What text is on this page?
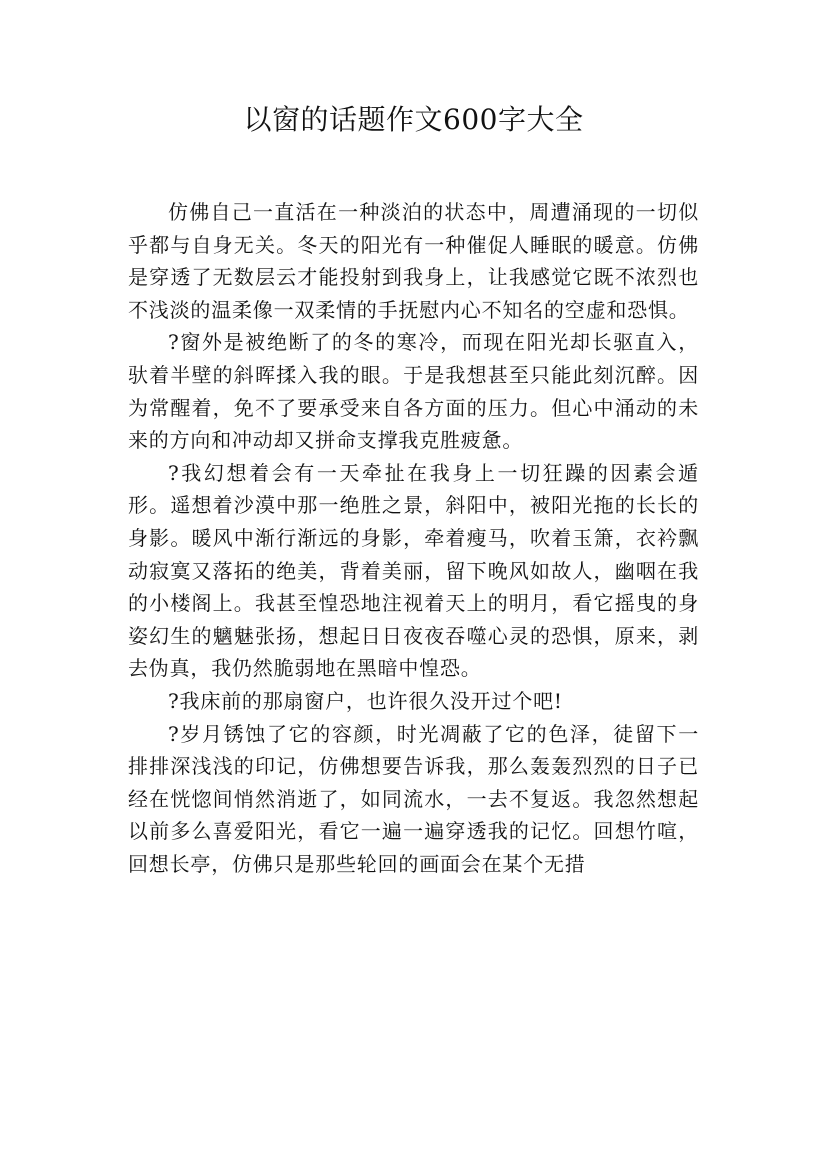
以窗的话题作文600字大全

仿佛自己一直活在一种淡泊的状态中，周遭涌现的一切似乎都与自身无关。冬天的阳光有一种催促人睡眠的暖意。仿佛是穿透了无数层云才能投射到我身上，让我感觉它既不浓烈也不浅淡的温柔像一双柔情的手抚慰内心不知名的空虚和恐惧。

?窗外是被绝断了的冬的寒冷，而现在阳光却长驱直入，驮着半壁的斜晖揉入我的眼。于是我想甚至只能此刻沉醉。因为常醒着，免不了要承受来自各方面的压力。但心中涌动的未来的方向和冲动却又拼命支撑我克胜疲惫。

?我幻想着会有一天牵扯在我身上一切狂躁的因素会遁形。遥想着沙漠中那一绝胜之景，斜阳中，被阳光拖的长长的身影。暖风中渐行渐远的身影，牵着瘦马，吹着玉箫，衣衿飘动寂寞又落拓的绝美，背着美丽，留下晚风如故人，幽咽在我的小楼阁上。我甚至惶恐地注视着天上的明月，看它摇曳的身姿幻生的魑魅张扬，想起日日夜夜吞噬心灵的恐惧，原来，剥去伪真，我仍然脆弱地在黑暗中惶恐。

?我床前的那扇窗户，也许很久没开过个吧!

?岁月锈蚀了它的容颜，时光凋蔽了它的色泽，徒留下一排排深浅浅的印记，仿佛想要告诉我，那么轰轰烈烈的日子已经在恍惚间悄然消逝了，如同流水，一去不复返。我忽然想起以前多么喜爱阳光，看它一遍一遍穿透我的记忆。回想竹喧，回想长亭，仿佛只是那些轮回的画面会在某个无措
